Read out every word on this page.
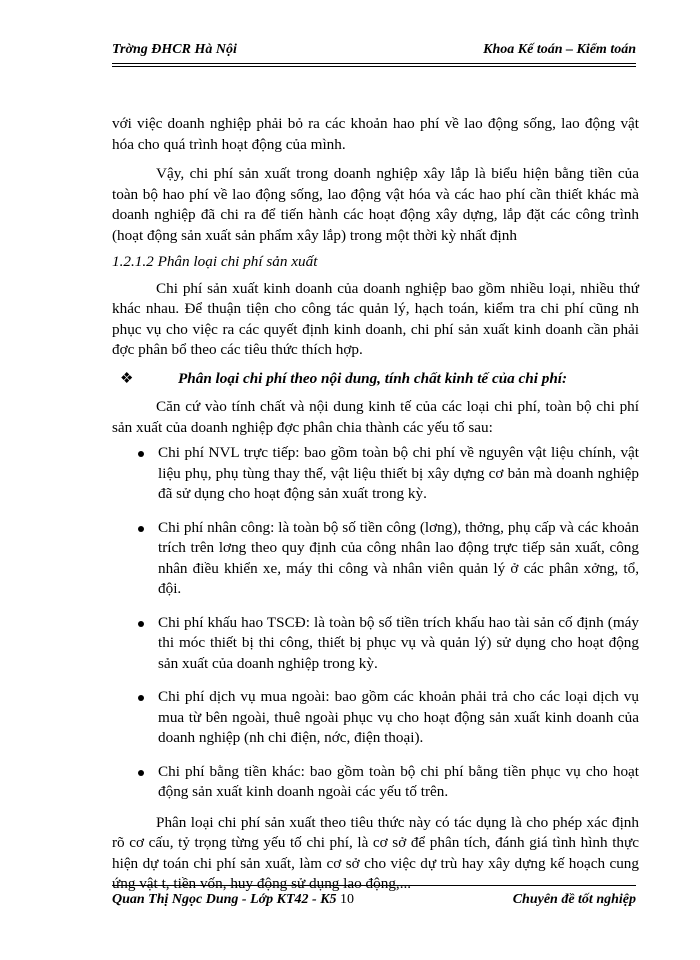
Trờng ĐHCR Hà Nội	Khoa Kế toán – Kiểm toán

với việc doanh nghiệp phải bỏ ra các khoản hao phí về lao động sống, lao động vật hóa cho quá trình hoạt động của mình.

Vậy, chi phí sản xuất trong doanh nghiệp xây lắp là biểu hiện bằng tiền của toàn bộ hao phí về lao động sống, lao động vật hóa và các hao phí cần thiết khác mà doanh nghiệp đã chi ra để tiến hành các hoạt động xây dựng, lắp đặt các công trình (hoạt động sản xuất sản phẩm xây lắp) trong một thời kỳ nhất định

1.2.1.2 Phân loại chi phí sản xuất

Chi phí sản xuất kinh doanh của doanh nghiệp bao gồm nhiều loại, nhiều thứ khác nhau. Để thuận tiện cho công tác quản lý, hạch toán, kiểm tra chi phí cũng nh phục vụ cho việc ra các quyết định kinh doanh, chi phí sản xuất kinh doanh cần phải đợc phân bổ theo các tiêu thức thích hợp.

❖	Phân loại chi phí theo nội dung, tính chất kinh tế của chi phí:

Căn cứ vào tính chất và nội dung kinh tế của các loại chi phí, toàn bộ chi phí sản xuất của doanh nghiệp đợc phân chia thành các yếu tố sau:

Chi phí NVL trực tiếp: bao gồm toàn bộ chi phí về nguyên vật liệu chính, vật liệu phụ, phụ tùng thay thế, vật liệu thiết bị xây dựng cơ bản mà doanh nghiệp đã sử dụng cho hoạt động sản xuất trong kỳ.

Chi phí nhân công: là toàn bộ số tiền công (lơng), thởng, phụ cấp và các khoản trích trên lơng theo quy định của công nhân lao động trực tiếp sản xuất, công nhân điều khiển xe, máy thi công và nhân viên quản lý ở các phân xởng, tổ, đội.

Chi phí khấu hao TSCĐ: là toàn bộ số tiền trích khấu hao tài sản cố định (máy thi móc thiết bị thi công, thiết bị phục vụ và quản lý) sử dụng cho hoạt động sản xuất của doanh nghiệp trong kỳ.

Chi phí dịch vụ mua ngoài: bao gồm các khoản phải trả cho các loại dịch vụ mua từ bên ngoài, thuê ngoài phục vụ cho hoạt động sản xuất kinh doanh của doanh nghiệp (nh chi điện, nớc, điện thoại).

Chi phí bằng tiền khác: bao gồm toàn bộ chi phí bằng tiền phục vụ cho hoạt động sản xuất kinh doanh ngoài các yếu tố trên.

Phân loại chi phí sản xuất theo tiêu thức này có tác dụng là cho phép xác định rõ cơ cấu, tỷ trọng từng yếu tố chi phí, là cơ sở để phân tích, đánh giá tình hình thực hiện dự toán chi phí sản xuất, làm cơ sở cho việc dự trù hay xây dựng kế hoạch cung ứng vật t, tiền vốn, huy động sử dụng lao động,...

Quan Thị Ngọc Dung - Lớp KT42 - K5 10	Chuyên đề tốt nghiệp
